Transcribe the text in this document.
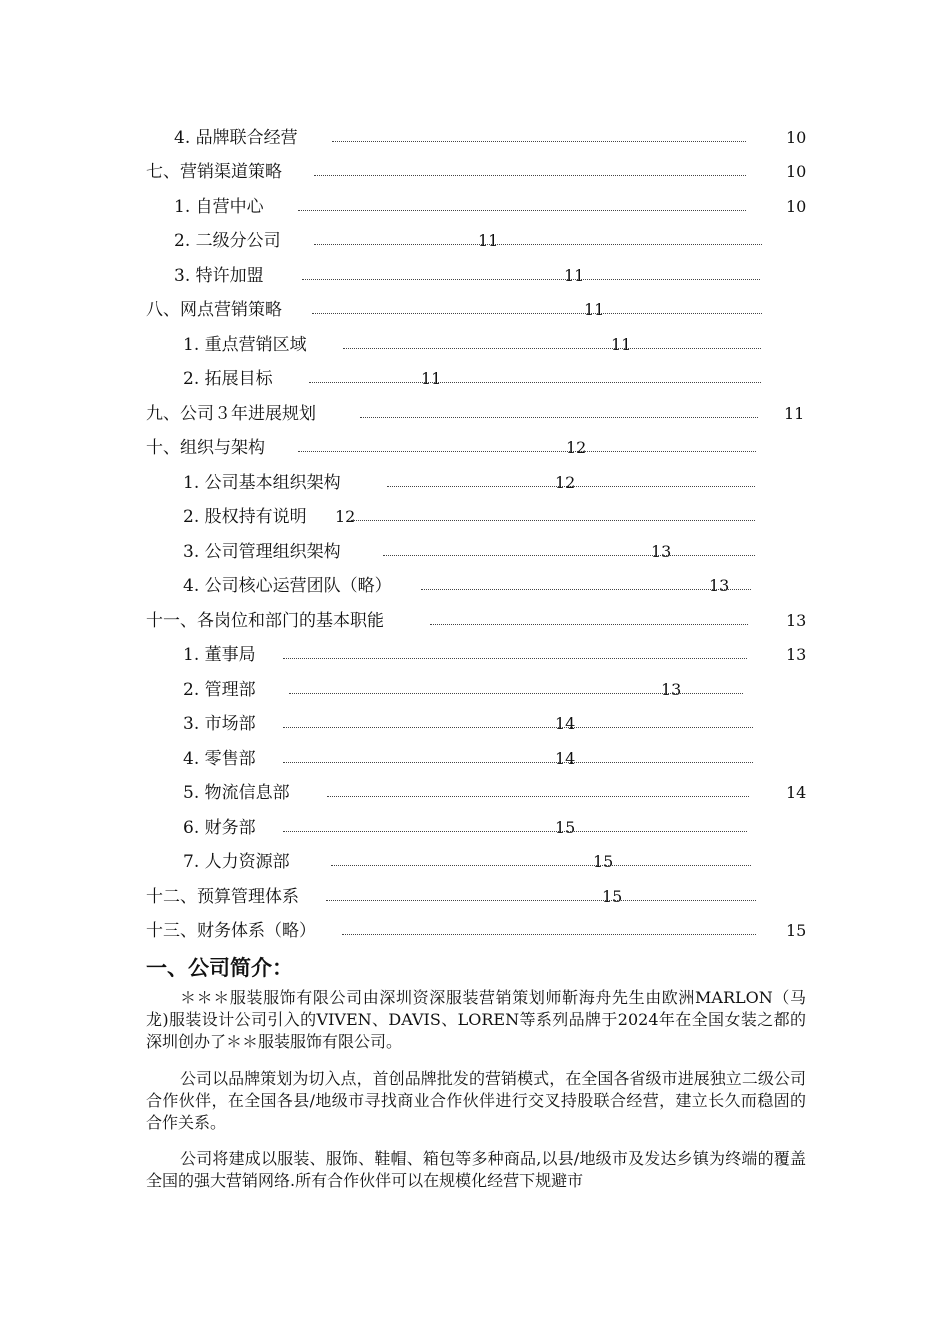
4. 品牌联合经营	10
七、营销渠道策略	10
1. 自营中心	10
2. 二级分公司	11
3. 特许加盟	11
八、网点营销策略	11
1. 重点营销区域	11
2. 拓展目标	11
九、公司３年进展规划	11
十、组织与架构	12
1. 公司基本组织架构	12
2. 股权持有说明 12
3. 公司管理组织架构	13
4. 公司核心运营团队（略）	13
十一、各岗位和部门的基本职能	13
1. 董事局	13
2. 管理部	13
3. 市场部	14
4. 零售部	14
5. 物流信息部	14
6. 财务部	15
7. 人力资源部	15
十二、预算管理体系	15
十三、财务体系（略）	15
一、公司简介：

＊＊＊服装服饰有限公司由深圳资深服装营销策划师靳海舟先生由欧洲MARLON（马龙)服装设计公司引入的VIVEN、DAVIS、LOREN等系列品牌于2024年在全国女装之都的深圳创办了＊＊服装服饰有限公司。

公司以品牌策划为切入点，首创品牌批发的营销模式，在全国各省级市进展独立二级公司合作伙伴，在全国各县/地级市寻找商业合作伙伴进行交叉持股联合经营，建立长久而稳固的合作关系。

公司将建成以服装、服饰、鞋帽、箱包等多种商品,以县/地级市及发达乡镇为终端的覆盖全国的强大营销网络.所有合作伙伴可以在规模化经营下规避市
